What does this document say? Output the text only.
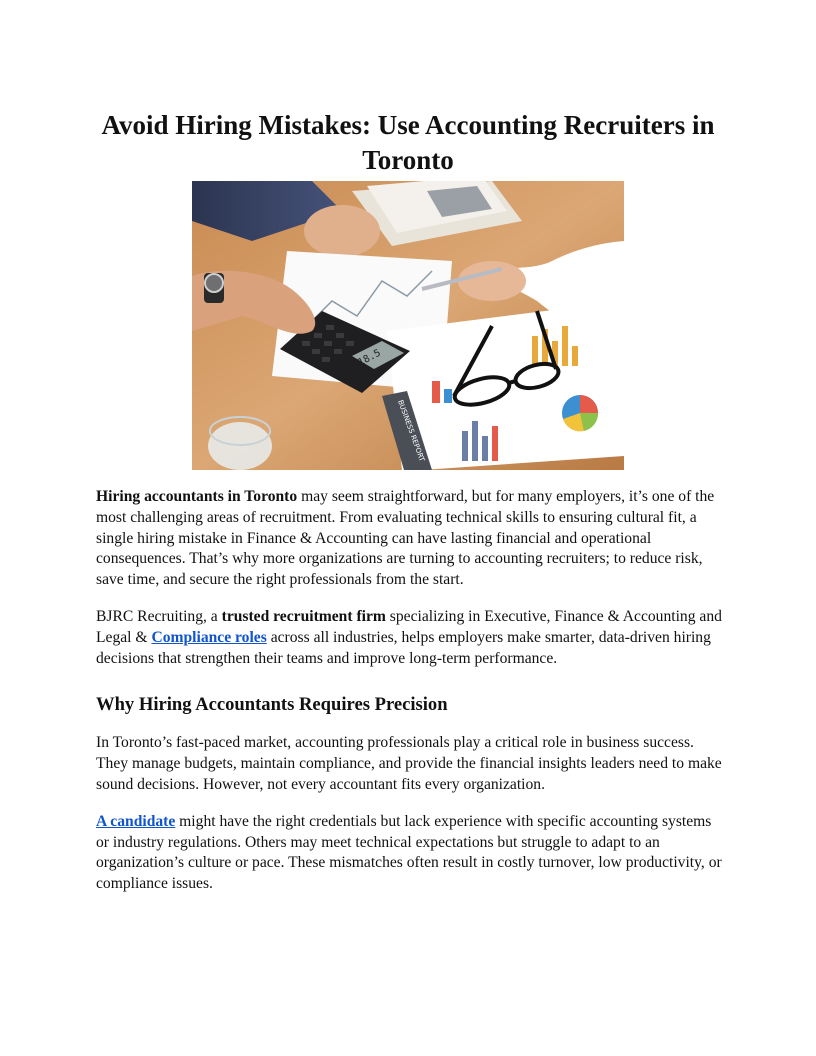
Avoid Hiring Mistakes: Use Accounting Recruiters in Toronto
BUSINESS REPORT
18.5

Hiring accountants in Toronto may seem straightforward, but for many employers, it’s one of the most challenging areas of recruitment. From evaluating technical skills to ensuring cultural fit, a single hiring mistake in Finance & Accounting can have lasting financial and operational consequences. That’s why more organizations are turning to accounting recruiters; to reduce risk, save time, and secure the right professionals from the start.

BJRC Recruiting, a trusted recruitment firm specializing in Executive, Finance & Accounting and Legal & Compliance roles across all industries, helps employers make smarter, data-driven hiring decisions that strengthen their teams and improve long-term performance.

Why Hiring Accountants Requires Precision

In Toronto’s fast-paced market, accounting professionals play a critical role in business success. They manage budgets, maintain compliance, and provide the financial insights leaders need to make sound decisions. However, not every accountant fits every organization.

A candidate might have the right credentials but lack experience with specific accounting systems or industry regulations. Others may meet technical expectations but struggle to adapt to an organization’s culture or pace. These mismatches often result in costly turnover, low productivity, or compliance issues.
